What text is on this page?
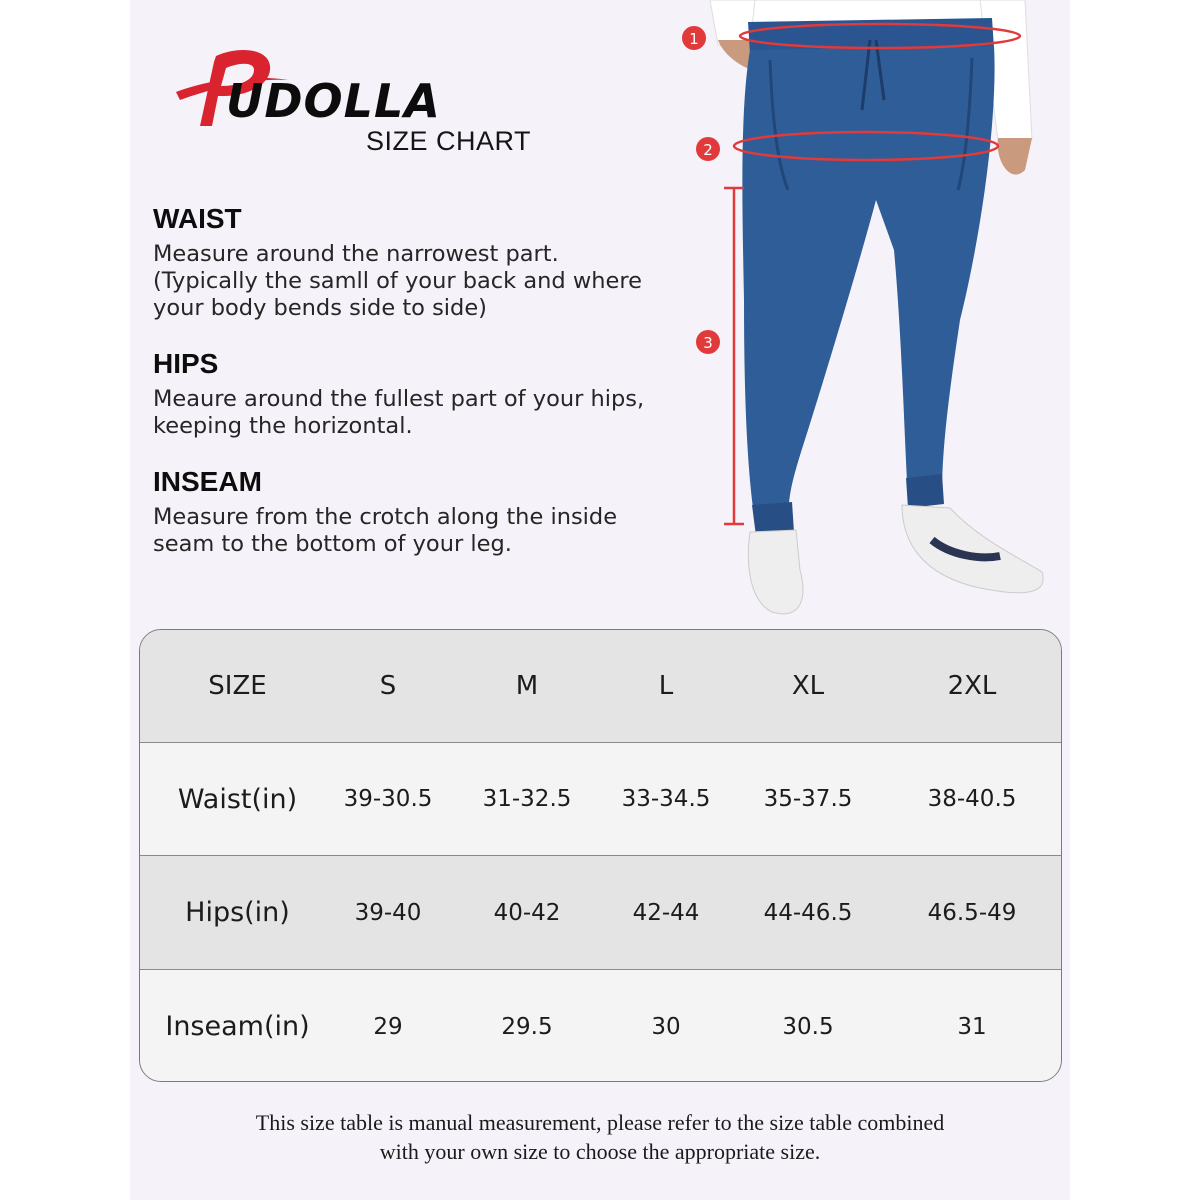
UDOLLA
SIZE CHART
WAIST
Measure around the narrowest part.
(Typically the samll of your back and where
your body bends side to side)
HIPS
Meaure around the fullest part of your hips,
keeping the horizontal.
INSEAM
Measure from the crotch along the inside
seam to the bottom of your leg.
1
2
3
SIZE	S	M	L	XL	2XL
Waist(in)	39-30.5	31-32.5	33-34.5	35-37.5	38-40.5
Hips(in)	39-40	40-42	42-44	44-46.5	46.5-49
Inseam(in)	29	29.5	30	30.5	31
This size table is manual measurement, please refer to the size table combined
with your own size to choose the appropriate size.
